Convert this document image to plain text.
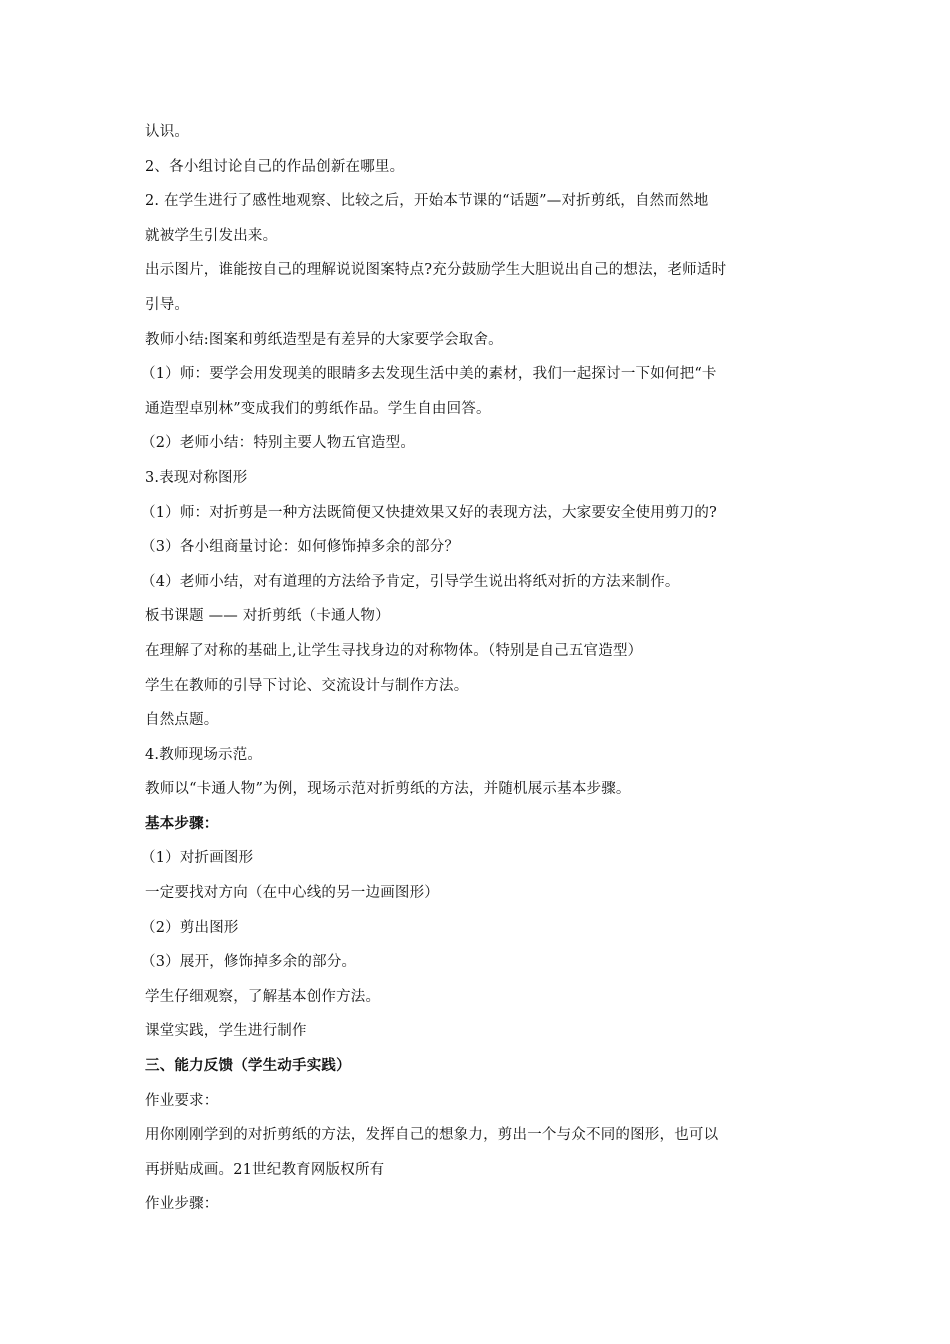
认识。
2、各小组讨论自己的作品创新在哪里。
2. 在学生进行了感性地观察、比较之后，开始本节课的“话题”—对折剪纸，自然而然地
就被学生引发出来。
出示图片，谁能按自己的理解说说图案特点?充分鼓励学生大胆说出自己的想法，老师适时
引导。
教师小结:图案和剪纸造型是有差异的大家要学会取舍。
（1）师：要学会用发现美的眼睛多去发现生活中美的素材，我们一起探讨一下如何把“卡
通造型卓别林”变成我们的剪纸作品。学生自由回答。
（2）老师小结：特别主要人物五官造型。
3.表现对称图形
（1）师：对折剪是一种方法既简便又快捷效果又好的表现方法，大家要安全使用剪刀的?
（3）各小组商量讨论：如何修饰掉多余的部分？
（4）老师小结，对有道理的方法给予肯定，引导学生说出将纸对折的方法来制作。
板书课题 —— 对折剪纸（卡通人物）
在理解了对称的基础上,让学生寻找身边的对称物体。（特别是自己五官造型）
学生在教师的引导下讨论、交流设计与制作方法。
自然点题。
4.教师现场示范。
教师以“卡通人物”为例，现场示范对折剪纸的方法，并随机展示基本步骤。
基本步骤：
（1）对折画图形
一定要找对方向（在中心线的另一边画图形）
（2）剪出图形
（3）展开，修饰掉多余的部分。
学生仔细观察，了解基本创作方法。
课堂实践，学生进行制作
三、能力反馈（学生动手实践）
作业要求：
用你刚刚学到的对折剪纸的方法，发挥自己的想象力，剪出一个与众不同的图形，也可以
再拼贴成画。21世纪教育网版权所有
作业步骤：
